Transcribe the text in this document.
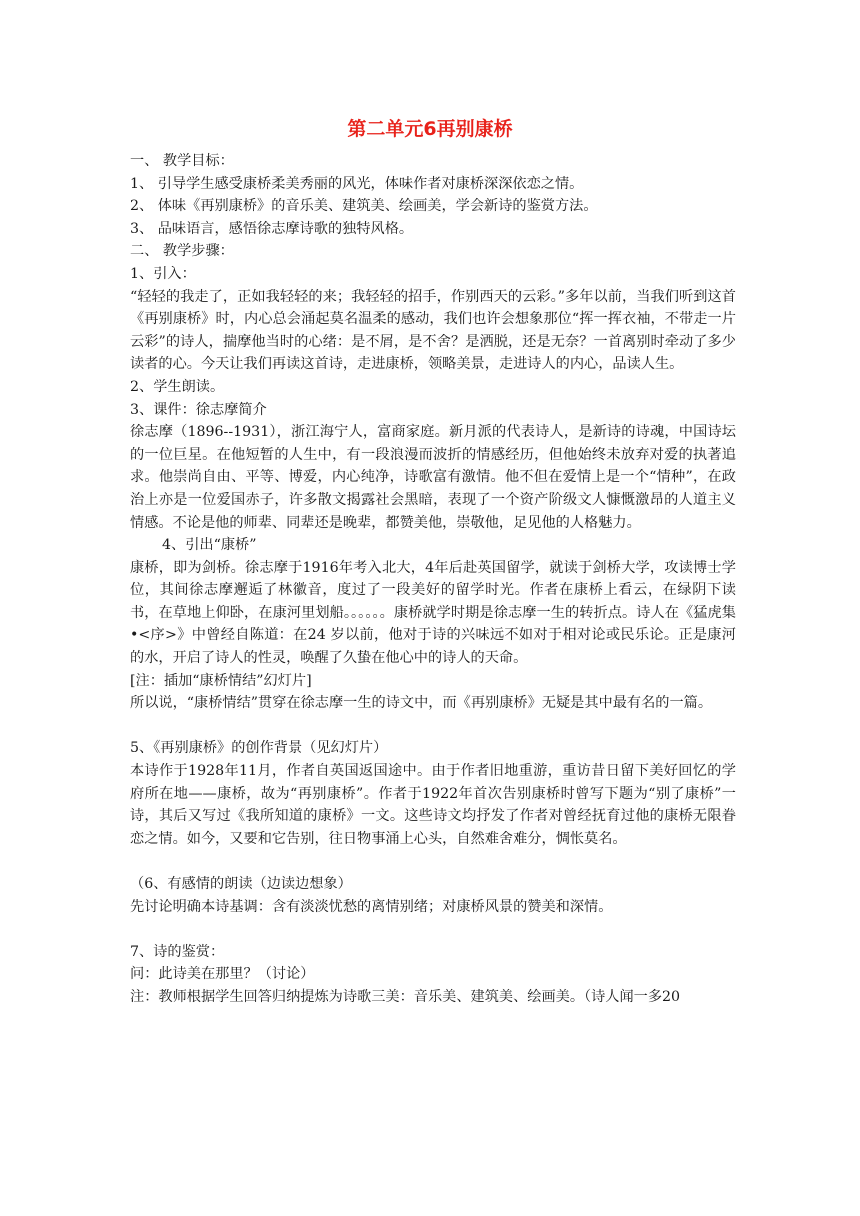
第二单元6再别康桥

一、 教学目标：

1、 引导学生感受康桥柔美秀丽的风光，体味作者对康桥深深依恋之情。

2、 体味《再别康桥》的音乐美、建筑美、绘画美，学会新诗的鉴赏方法。

3、 品味语言，感悟徐志摩诗歌的独特风格。

二、 教学步骤：

1、引入：

“轻轻的我走了，正如我轻轻的来；我轻轻的招手，作别西天的云彩。”多年以前，当我们听到这首《再别康桥》时，内心总会涌起莫名温柔的感动，我们也许会想象那位“挥一挥衣袖，不带走一片云彩”的诗人，揣摩他当时的心绪：是不屑，是不舍？是洒脱，还是无奈？一首离别时牵动了多少读者的心。今天让我们再读这首诗，走进康桥，领略美景，走进诗人的内心，品读人生。

2、学生朗读。

3、课件：徐志摩简介

徐志摩（1896--1931），浙江海宁人，富商家庭。新月派的代表诗人，是新诗的诗魂，中国诗坛的一位巨星。在他短暂的人生中，有一段浪漫而波折的情感经历，但他始终未放弃对爱的执著追求。他崇尚自由、平等、博爱，内心纯净，诗歌富有激情。他不但在爱情上是一个“情种”，在政治上亦是一位爱国赤子，许多散文揭露社会黑暗，表现了一个资产阶级文人慷慨激昂的人道主义情感。不论是他的师辈、同辈还是晚辈，都赞美他，崇敬他，足见他的人格魅力。

4、引出“康桥”

康桥，即为剑桥。徐志摩于1916年考入北大，4年后赴英国留学，就读于剑桥大学，攻读博士学位，其间徐志摩邂逅了林徽音，度过了一段美好的留学时光。作者在康桥上看云，在绿阴下读书，在草地上仰卧，在康河里划船。。。。。。康桥就学时期是徐志摩一生的转折点。诗人在《猛虎集•<序>》中曾经自陈道：在24 岁以前，他对于诗的兴味远不如对于相对论或民乐论。正是康河的水，开启了诗人的性灵，唤醒了久蛰在他心中的诗人的天命。

[注：插加“康桥情结”幻灯片]

所以说，“康桥情结”贯穿在徐志摩一生的诗文中，而《再别康桥》无疑是其中最有名的一篇。

5、《再别康桥》的创作背景（见幻灯片）

本诗作于1928年11月，作者自英国返国途中。由于作者旧地重游，重访昔日留下美好回忆的学府所在地——康桥，故为“再别康桥”。作者于1922年首次告别康桥时曾写下题为“别了康桥”一诗，其后又写过《我所知道的康桥》一文。这些诗文均抒发了作者对曾经抚育过他的康桥无限眷恋之情。如今，又要和它告别，往日物事涌上心头，自然难舍难分，惆怅莫名。

（6、有感情的朗读（边读边想象）

先讨论明确本诗基调：含有淡淡忧愁的离情别绪；对康桥风景的赞美和深情。

7、诗的鉴赏：

问：此诗美在那里？（讨论）

注：教师根据学生回答归纳提炼为诗歌三美：音乐美、建筑美、绘画美。（诗人闻一多20
